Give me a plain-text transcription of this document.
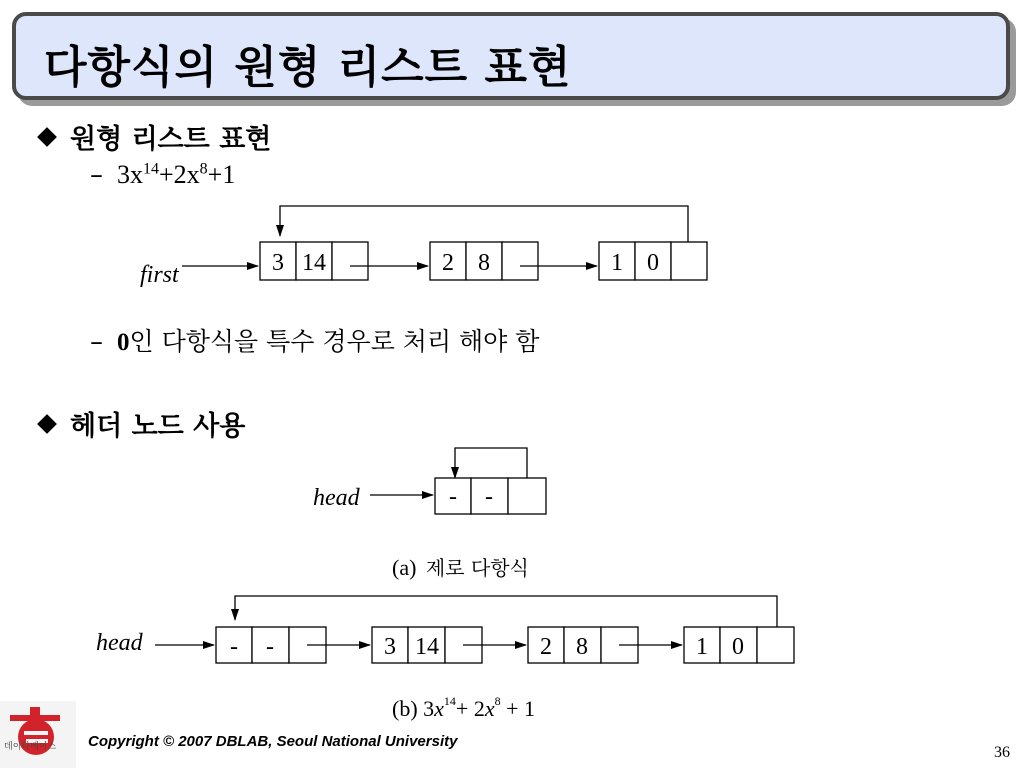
다항식의 원형 리스트 표현
원형 리스트 표현
– $3x^{14}+2x^8+1$
– 0인 다항식을 특수 경우로 처리 해야 함
헤더 노드 사용
first	3 14	2 8	1 0
head	- -
(a) 제로 다항식
head	- -	3 14	2 8	1 0
(b) $3x^{14}+ 2x^8 + 1$
데이타베이스 Copyright © 2007 DBLAB, Seoul National University
36
